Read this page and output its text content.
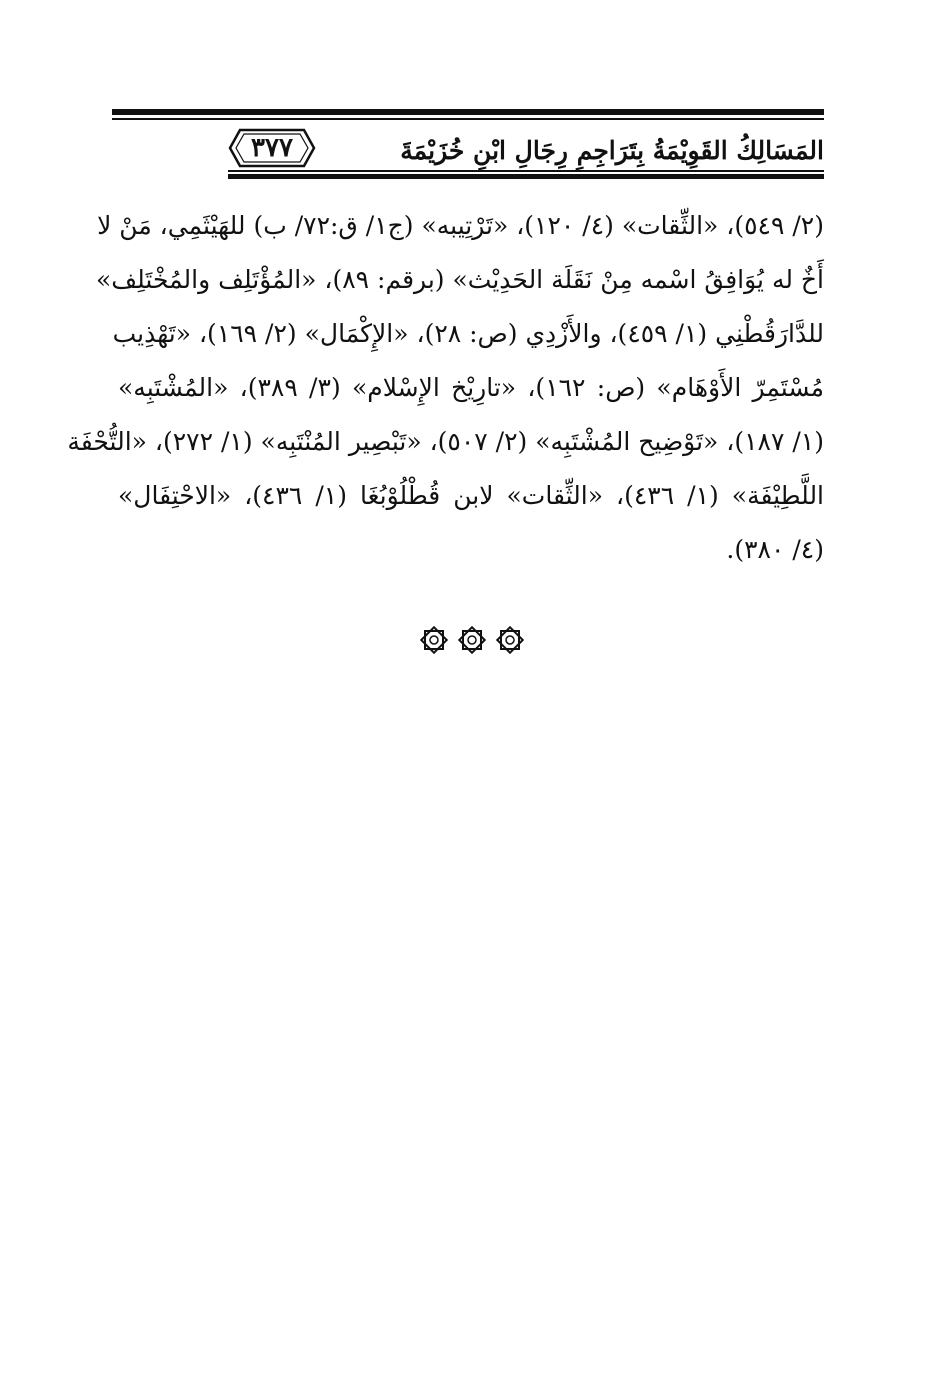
٣٧٧	المَسَالِكُ القَوِيْمَةُ بِتَرَاجِمِ رِجَالِ ابْنِ خُزَيْمَةَ
(٢/ ٥٤٩)، «الثِّقات» (٤/ ١٢٠)، «تَرْتِيبه» (ج١/ ق:٧٢/ ب) للهَيْثَمِي، مَنْ لا
أَخٌ له يُوَافِقُ اسْمه مِنْ نَقَلَة الحَدِيْث» (برقم: ٨٩)، «المُؤْتَلِف والمُخْتَلِف»
للدَّارَقُطْنِي (١/ ٤٥٩)، والأَزْدِي (ص: ٢٨)، «الإِكْمَال» (٢/ ١٦٩)، «تَهْذِيب
مُسْتَمِرّ الأَوْهَام» (ص: ١٦٢)، «تارِيْخ الإِسْلام» (٣/ ٣٨٩)، «المُشْتَبِه»
(١/ ١٨٧)، «تَوْضِيح المُشْتَبِه» (٢/ ٥٠٧)، «تَبْصِير المُنْتَبِه» (١/ ٢٧٢)، «التُّحْفَة
اللَّطِيْفَة» (١/ ٤٣٦)، «الثِّقات» لابن قُطْلُوْبُغَا (١/ ٤٣٦)، «الاحْتِفَال»
(٤/ ٣٨٠).
